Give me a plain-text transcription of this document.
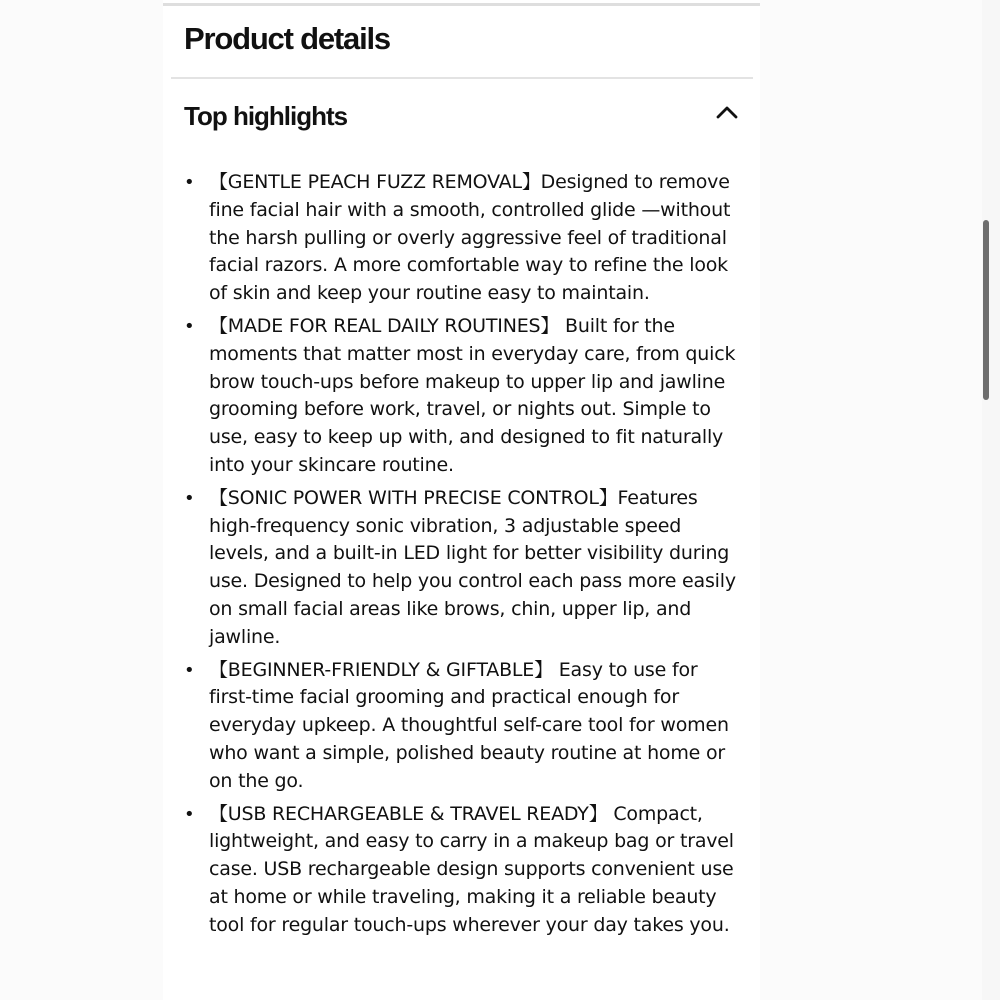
Product details
Top highlights
• 【GENTLE PEACH FUZZ REMOVAL】Designed to remove fine facial hair with a smooth, controlled glide —without the harsh pulling or overly aggressive feel of traditional facial razors. A more comfortable way to refine the look of skin and keep your routine easy to maintain.
• 【MADE FOR REAL DAILY ROUTINES】 Built for the moments that matter most in everyday care, from quick brow touch-ups before makeup to upper lip and jawline grooming before work, travel, or nights out. Simple to use, easy to keep up with, and designed to fit naturally into your skincare routine.
• 【SONIC POWER WITH PRECISE CONTROL】Features high-frequency sonic vibration, 3 adjustable speed levels, and a built-in LED light for better visibility during use. Designed to help you control each pass more easily on small facial areas like brows, chin, upper lip, and jawline.
• 【BEGINNER-FRIENDLY & GIFTABLE】 Easy to use for first-time facial grooming and practical enough for everyday upkeep. A thoughtful self-care tool for women who want a simple, polished beauty routine at home or on the go.
• 【USB RECHARGEABLE & TRAVEL READY】 Compact, lightweight, and easy to carry in a makeup bag or travel case. USB rechargeable design supports convenient use at home or while traveling, making it a reliable beauty tool for regular touch-ups wherever your day takes you.
